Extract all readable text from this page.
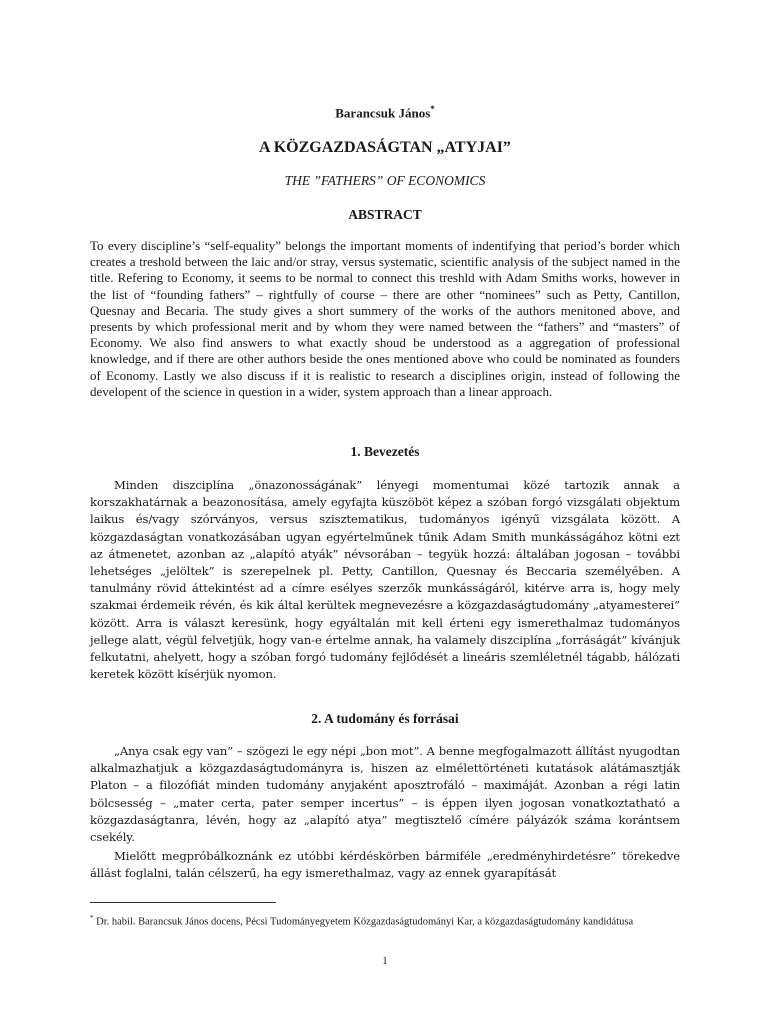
Barancsuk János*
A KÖZGAZDASÁGTAN „ATYJAI”
THE ”FATHERS” OF ECONOMICS
ABSTRACT

To every discipline’s “self-equality” belongs the important moments of indentifying that period’s border which creates a treshold between the laic and/or stray, versus systematic, scientific analysis of the subject named in the title. Refering to Economy, it seems to be normal to connect this treshld with Adam Smiths works, however in the list of “founding fathers” – rightfully of course – there are other “nominees” such as Petty, Cantillon, Quesnay and Becaria. The study gives a short summery of the works of the authors menitoned above, and presents by which professional merit and by whom they were named between the “fathers” and “masters” of Economy. We also find answers to what exactly shoud be understood as a aggregation of professional knowledge, and if there are other authors beside the ones mentioned above who could be nominated as founders of Economy. Lastly we also discuss if it is realistic to research a disciplines origin, instead of following the developent of the science in question in a wider, system approach than a linear approach.

1. Bevezetés

Minden diszciplína „önazonosságának” lényegi momentumai közé tartozik annak a korszakhatárnak a beazonosítása, amely egyfajta küszöböt képez a szóban forgó vizsgálati objektum laikus és/vagy szórványos, versus szisztematikus, tudományos igényű vizsgálata között. A közgazdaságtan vonatkozásában ugyan egyértelműnek tűnik Adam Smith munkásságához kötni ezt az átmenetet, azonban az „alapító atyák” névsorában – tegyük hozzá: általában jogosan – további lehetséges „jelöltek” is szerepelnek pl. Petty, Cantillon, Quesnay és Beccaria személyében. A tanulmány rövid áttekintést ad a címre esélyes szerzők munkásságáról, kitérve arra is, hogy mely szakmai érdemeik révén, és kik által kerültek megnevezésre a közgazdaságtudomány „atyamesterei” között. Arra is választ keresünk, hogy egyáltalán mit kell érteni egy ismerethalmaz tudományos jellege alatt, végül felvetjük, hogy van-e értelme annak, ha valamely diszciplína „forráságát” kívánjuk felkutatni, ahelyett, hogy a szóban forgó tudomány fejlődését a lineáris szemléletnél tágabb, hálózati keretek között kísérjük nyomon.

2. A tudomány és forrásai

„Anya csak egy van” – szögezi le egy népi „bon mot”. A benne megfogalmazott állítást nyugodtan alkalmazhatjuk a közgazdaságtudományra is, hiszen az elmélettörténeti kutatások alátámasztják Platon – a filozófiát minden tudomány anyjaként aposztrofáló – maximáját. Azonban a régi latin bölcsesség – „mater certa, pater semper incertus” – is éppen ilyen jogosan vonatkoztatható a közgazdaságtanra, lévén, hogy az „alapító atya” megtisztelő címére pályázók száma korántsem csekély.

Mielőtt megpróbálkoznánk ez utóbbi kérdéskörben bármiféle „eredményhirdetésre” törekedve állást foglalni, talán célszerű, ha egy ismerethalmaz, vagy az ennek gyarapítását

* Dr. habil. Barancsuk János docens, Pécsi Tudományegyetem Közgazdaságtudományi Kar, a közgazdaságtudomány kandidátusa

1
